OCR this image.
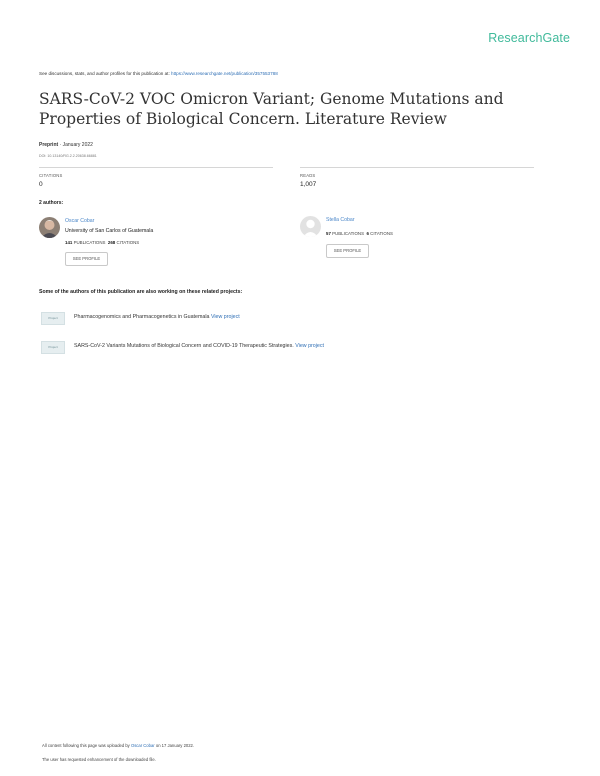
ResearchGate
See discussions, stats, and author profiles for this publication at: https://www.researchgate.net/publication/357553788
SARS-CoV-2 VOC Omicron Variant; Genome Mutations and Properties of Biological Concern. Literature Review
Preprint · January 2022
DOI: 10.13140/RG.2.2.20638.66881
CITATIONS
0
READS
1,007
2 authors:
Oscar Cobar
University of San Carlos of Guatemala
141 PUBLICATIONS 268 CITATIONS
SEE PROFILE
Stella Cobar
57 PUBLICATIONS 6 CITATIONS
SEE PROFILE
Some of the authors of this publication are also working on these related projects:
Project	Pharmacogenomics and Pharmacogenetics in Guatemala View project
Project	SARS-CoV-2 Variants Mutations of Biological Concern and COVID-19 Therapeutic Strategies. View project
All content following this page was uploaded by Oscar Cobar on 17 January 2022.
The user has requested enhancement of the downloaded file.
